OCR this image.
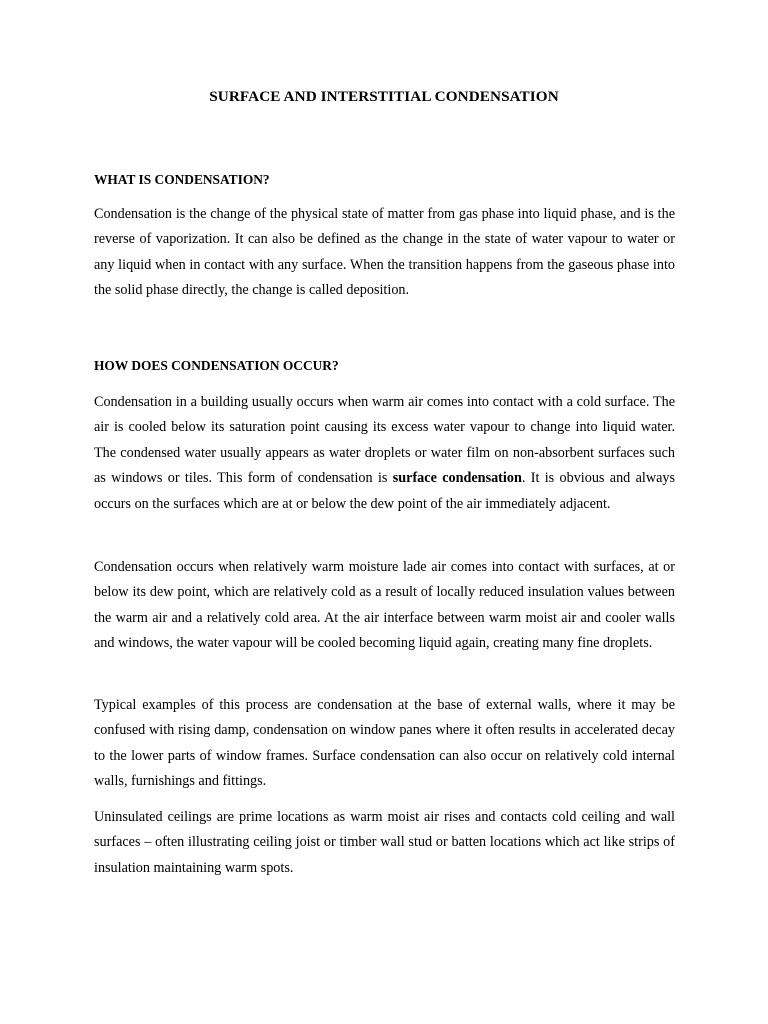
SURFACE AND INTERSTITIAL CONDENSATION
WHAT IS CONDENSATION?

Condensation is the change of the physical state of matter from gas phase into liquid phase, and is the reverse of vaporization. It can also be defined as the change in the state of water vapour to water or any liquid when in contact with any surface. When the transition happens from the gaseous phase into the solid phase directly, the change is called deposition.

HOW DOES CONDENSATION OCCUR?

Condensation in a building usually occurs when warm air comes into contact with a cold surface. The air is cooled below its saturation point causing its excess water vapour to change into liquid water. The condensed water usually appears as water droplets or water film on non-absorbent surfaces such as windows or tiles. This form of condensation is surface condensation. It is obvious and always occurs on the surfaces which are at or below the dew point of the air immediately adjacent.

Condensation occurs when relatively warm moisture lade air comes into contact with surfaces, at or below its dew point, which are relatively cold as a result of locally reduced insulation values between the warm air and a relatively cold area. At the air interface between warm moist air and cooler walls and windows, the water vapour will be cooled becoming liquid again, creating many fine droplets.

Typical examples of this process are condensation at the base of external walls, where it may be confused with rising damp, condensation on window panes where it often results in accelerated decay to the lower parts of window frames. Surface condensation can also occur on relatively cold internal walls, furnishings and fittings.

Uninsulated ceilings are prime locations as warm moist air rises and contacts cold ceiling and wall surfaces – often illustrating ceiling joist or timber wall stud or batten locations which act like strips of insulation maintaining warm spots.
